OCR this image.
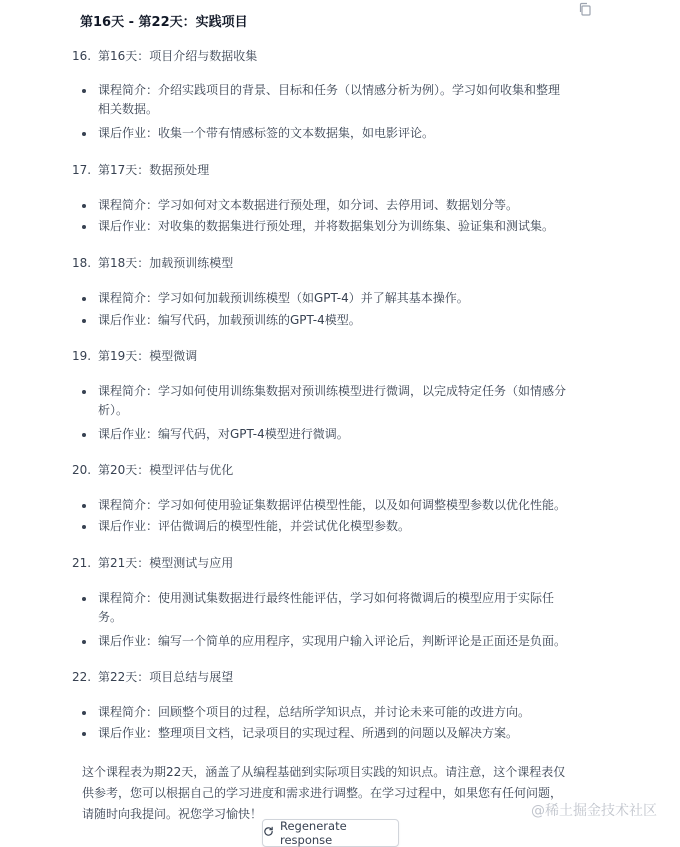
第16天 - 第22天：实践项目
16. 第16天：项目介绍与数据收集
课程简介：介绍实践项目的背景、目标和任务（以情感分析为例）。学习如何收集和整理
相关数据。
课后作业：收集一个带有情感标签的文本数据集，如电影评论。
17. 第17天：数据预处理
课程简介：学习如何对文本数据进行预处理，如分词、去停用词、数据划分等。
课后作业：对收集的数据集进行预处理，并将数据集划分为训练集、验证集和测试集。
18. 第18天：加载预训练模型
课程简介：学习如何加载预训练模型（如GPT-4）并了解其基本操作。
课后作业：编写代码，加载预训练的GPT-4模型。
19. 第19天：模型微调
课程简介：学习如何使用训练集数据对预训练模型进行微调，以完成特定任务（如情感分
析）。
课后作业：编写代码，对GPT-4模型进行微调。
20. 第20天：模型评估与优化
课程简介：学习如何使用验证集数据评估模型性能，以及如何调整模型参数以优化性能。
课后作业：评估微调后的模型性能，并尝试优化模型参数。
21. 第21天：模型测试与应用
课程简介：使用测试集数据进行最终性能评估，学习如何将微调后的模型应用于实际任
务。
课后作业：编写一个简单的应用程序，实现用户输入评论后，判断评论是正面还是负面。
22. 第22天：项目总结与展望
课程简介：回顾整个项目的过程，总结所学知识点，并讨论未来可能的改进方向。
课后作业：整理项目文档，记录项目的实现过程、所遇到的问题以及解决方案。
这个课程表为期22天，涵盖了从编程基础到实际项目实践的知识点。请注意，这个课程表仅
供参考，您可以根据自己的学习进度和需求进行调整。在学习过程中，如果您有任何问题，
请随时向我提问。祝您学习愉快！	@稀土掘金技术社区
Regenerate response
